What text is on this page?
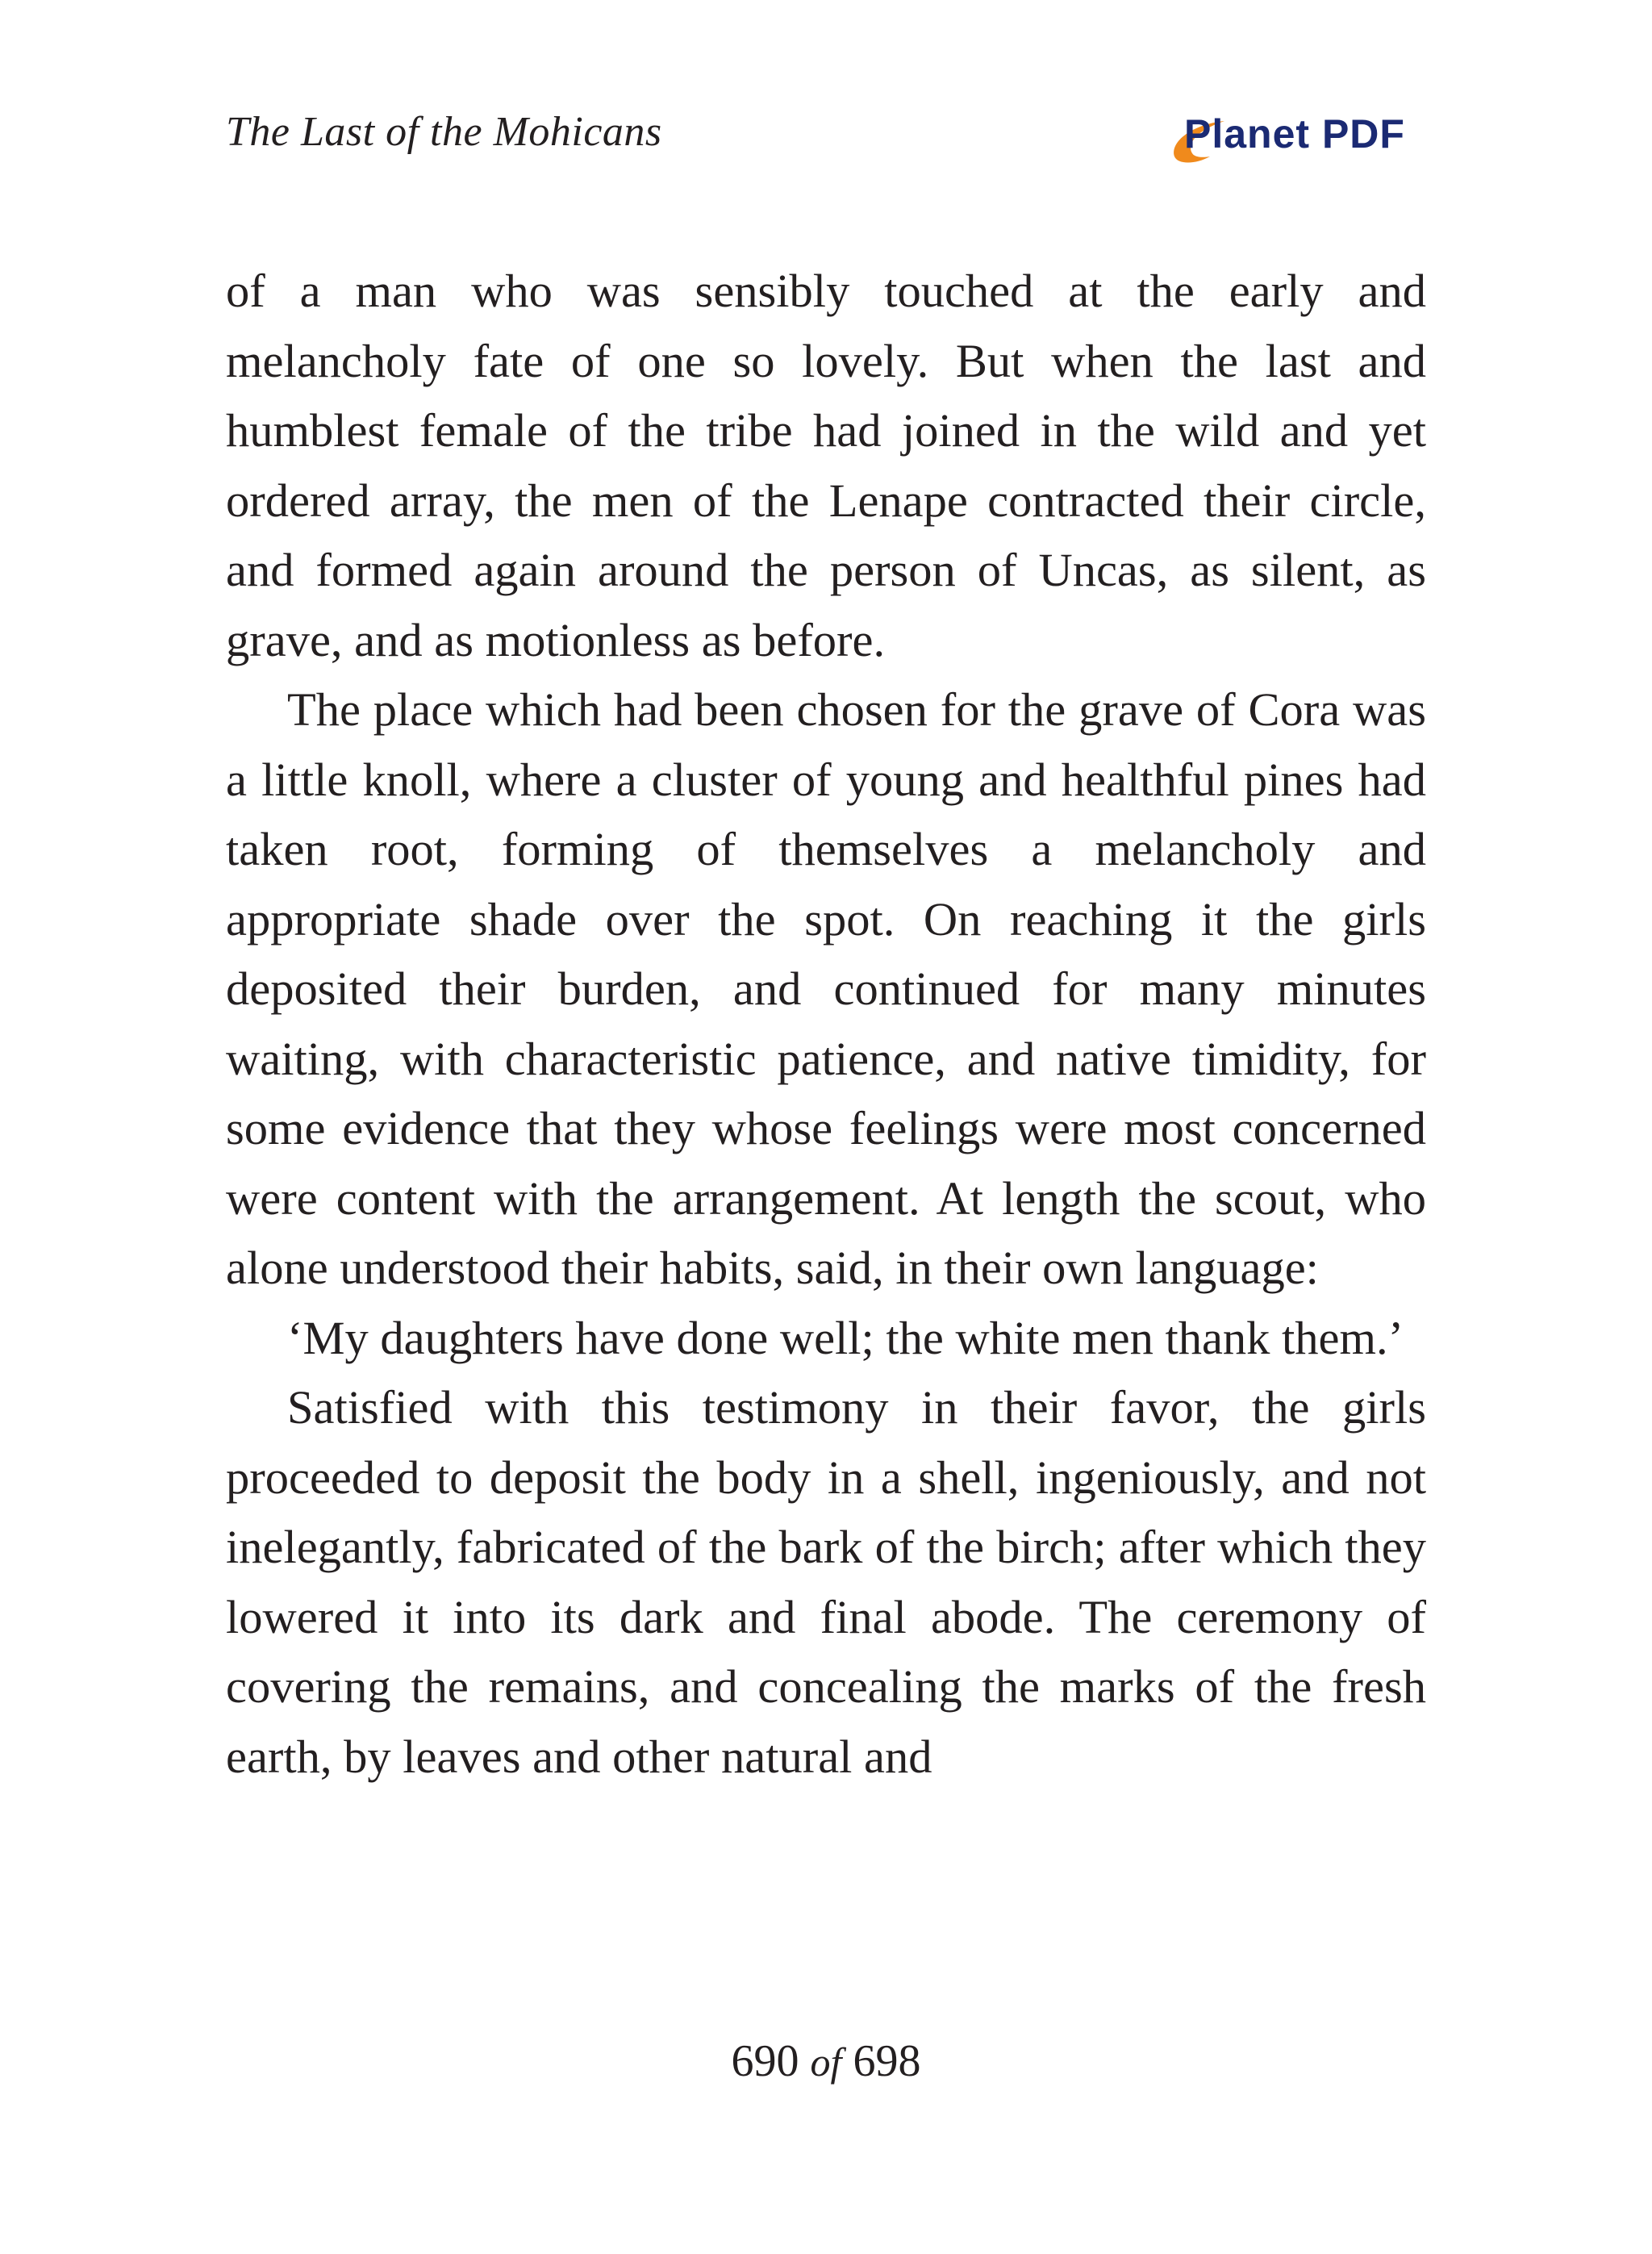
The Last of the Mohicans	Planet PDF

of a man who was sensibly touched at the early and melancholy fate of one so lovely. But when the last and humblest female of the tribe had joined in the wild and yet ordered array, the men of the Lenape contracted their circle, and formed again around the person of Uncas, as silent, as grave, and as motionless as before.

The place which had been chosen for the grave of Cora was a little knoll, where a cluster of young and healthful pines had taken root, forming of themselves a melancholy and appropriate shade over the spot. On reaching it the girls deposited their burden, and continued for many minutes waiting, with characteristic patience, and native timidity, for some evidence that they whose feelings were most concerned were content with the arrangement. At length the scout, who alone understood their habits, said, in their own language:

‘My daughters have done well; the white men thank them.’

Satisfied with this testimony in their favor, the girls proceeded to deposit the body in a shell, ingeniously, and not inelegantly, fabricated of the bark of the birch; after which they lowered it into its dark and final abode. The ceremony of covering the remains, and concealing the marks of the fresh earth, by leaves and other natural and

690 of 698
